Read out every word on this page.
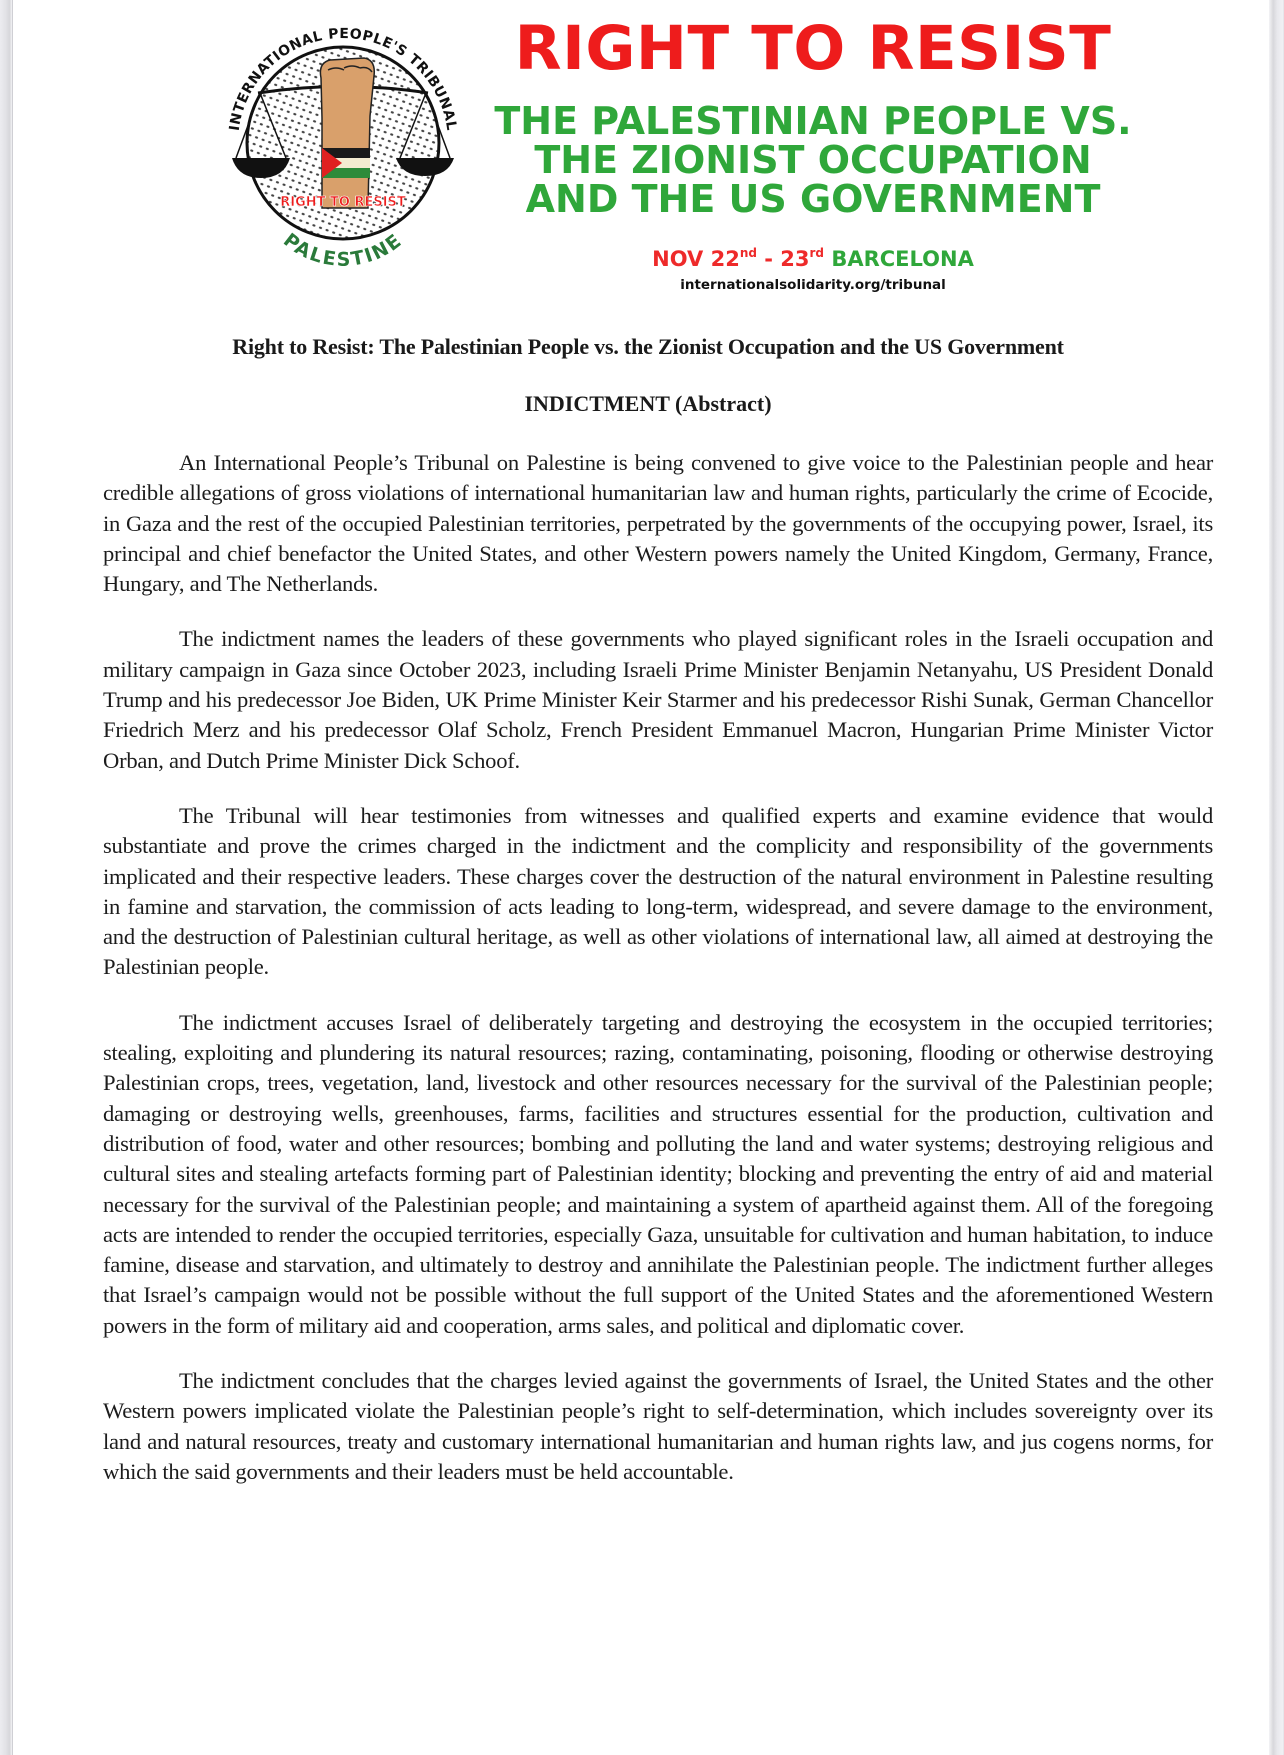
INTERNATIONAL PEOPLE'S TRIBUNAL
RIGHT TO RESIST
PALESTINE
RIGHT TO RESIST
THE PALESTINIAN PEOPLE VS.
THE ZIONIST OCCUPATION
AND THE US GOVERNMENT
NOV 22nd - 23rd BARCELONA
internationalsolidarity.org/tribunal
Right to Resist: The Palestinian People vs. the Zionist Occupation and the US Government
INDICTMENT (Abstract)

An International People’s Tribunal on Palestine is being convened to give voice to the Palestinian people and hear credible allegations of gross violations of international humanitarian law and human rights, particularly the crime of Ecocide, in Gaza and the rest of the occupied Palestinian territories, perpetrated by the governments of the occupying power, Israel, its principal and chief benefactor the United States, and other Western powers namely the United Kingdom, Germany, France, Hungary, and The Netherlands.

The indictment names the leaders of these governments who played significant roles in the Israeli occupation and military campaign in Gaza since October 2023, including Israeli Prime Minister Benjamin Netanyahu, US President Donald Trump and his predecessor Joe Biden, UK Prime Minister Keir Starmer and his predecessor Rishi Sunak, German Chancellor Friedrich Merz and his predecessor Olaf Scholz, French President Emmanuel Macron, Hungarian Prime Minister Victor Orban, and Dutch Prime Minister Dick Schoof.

The Tribunal will hear testimonies from witnesses and qualified experts and examine evidence that would substantiate and prove the crimes charged in the indictment and the complicity and responsibility of the governments implicated and their respective leaders. These charges cover the destruction of the natural environment in Palestine resulting in famine and starvation, the commission of acts leading to long-term, widespread, and severe damage to the environment, and the destruction of Palestinian cultural heritage, as well as other violations of international law, all aimed at destroying the Palestinian people.

The indictment accuses Israel of deliberately targeting and destroying the ecosystem in the occupied territories; stealing, exploiting and plundering its natural resources; razing, contaminating, poisoning, flooding or otherwise destroying Palestinian crops, trees, vegetation, land, livestock and other resources necessary for the survival of the Palestinian people; damaging or destroying wells, greenhouses, farms, facilities and structures essential for the production, cultivation and distribution of food, water and other resources; bombing and polluting the land and water systems; destroying religious and cultural sites and stealing artefacts forming part of Palestinian identity; blocking and preventing the entry of aid and material necessary for the survival of the Palestinian people; and maintaining a system of apartheid against them. All of the foregoing acts are intended to render the occupied territories, especially Gaza, unsuitable for cultivation and human habitation, to induce famine, disease and starvation, and ultimately to destroy and annihilate the Palestinian people. The indictment further alleges that Israel’s campaign would not be possible without the full support of the United States and the aforementioned Western powers in the form of military aid and cooperation, arms sales, and political and diplomatic cover.

The indictment concludes that the charges levied against the governments of Israel, the United States and the other Western powers implicated violate the Palestinian people’s right to self-determination, which includes sovereignty over its land and natural resources, treaty and customary international humanitarian and human rights law, and jus cogens norms, for which the said governments and their leaders must be held accountable.
